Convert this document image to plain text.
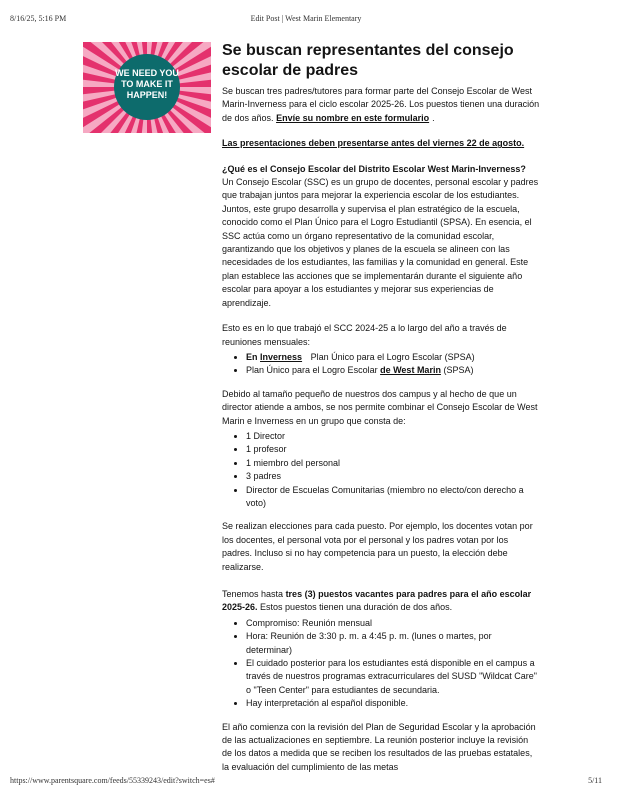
8/16/25, 5:16 PM	Edit Post | West Marin Elementary
WE NEED YOU
TO MAKE IT
HAPPEN!
Se buscan representantes del consejo escolar de padres

Se buscan tres padres/tutores para formar parte del Consejo Escolar de West Marin-Inverness para el ciclo escolar 2025-26. Los puestos tienen una duración de dos años. Envíe su nombre en este formulario .

Las presentaciones deben presentarse antes del viernes 22 de agosto.

¿Qué es el Consejo Escolar del Distrito Escolar West Marin-Inverness?
Un Consejo Escolar (SSC) es un grupo de docentes, personal escolar y padres que trabajan juntos para mejorar la experiencia escolar de los estudiantes. Juntos, este grupo desarrolla y supervisa el plan estratégico de la escuela, conocido como el Plan Único para el Logro Estudiantil (SPSA). En esencia, el SSC actúa como un órgano representativo de la comunidad escolar, garantizando que los objetivos y planes de la escuela se alineen con las necesidades de los estudiantes, las familias y la comunidad en general. Este plan establece las acciones que se implementarán durante el siguiente año escolar para apoyar a los estudiantes y mejorar sus experiencias de aprendizaje.

Esto es en lo que trabajó el SCC 2024-25 a lo largo del año a través de reuniones mensuales:

• En Inverness Plan Único para el Logro Escolar (SPSA)
• Plan Único para el Logro Escolar de West Marin (SPSA)

Debido al tamaño pequeño de nuestros dos campus y al hecho de que un director atiende a ambos, se nos permite combinar el Consejo Escolar de West Marin e Inverness en un grupo que consta de:

• 1 Director
• 1 profesor
• 1 miembro del personal
• 3 padres
• Director de Escuelas Comunitarias (miembro no electo/con derecho a voto)

Se realizan elecciones para cada puesto. Por ejemplo, los docentes votan por los docentes, el personal vota por el personal y los padres votan por los padres. Incluso si no hay competencia para un puesto, la elección debe realizarse.

Tenemos hasta tres (3) puestos vacantes para padres para el año escolar 2025-26. Estos puestos tienen una duración de dos años.

• Compromiso: Reunión mensual
• Hora: Reunión de 3:30 p. m. a 4:45 p. m. (lunes o martes, por determinar)
• El cuidado posterior para los estudiantes está disponible en el campus a través de nuestros programas extracurriculares del SUSD "Wildcat Care" o "Teen Center" para estudiantes de secundaria.
• Hay interpretación al español disponible.

El año comienza con la revisión del Plan de Seguridad Escolar y la aprobación de las actualizaciones en septiembre. La reunión posterior incluye la revisión de los datos a medida que se reciben los resultados de las pruebas estatales, la evaluación del cumplimiento de las metas

https://www.parentsquare.com/feeds/55339243/edit?switch=es#	5/11
